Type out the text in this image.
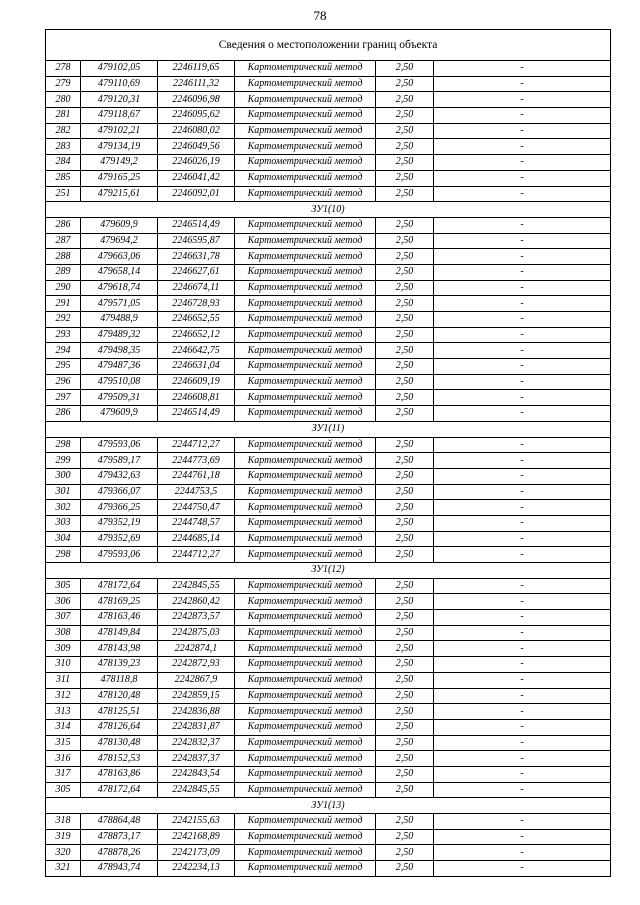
78
Сведения о местоположении границ объекта					
278	479102,05	2246119,65	Картометрический метод	2,50	-
279	479110,69	2246111,32	Картометрический метод	2,50	-
280	479120,31	2246096,98	Картометрический метод	2,50	-
281	479118,67	2246095,62	Картометрический метод	2,50	-
282	479102,21	2246080,02	Картометрический метод	2,50	-
283	479134,19	2246049,56	Картометрический метод	2,50	-
284	479149,2	2246026,19	Картометрический метод	2,50	-
285	479165,25	2246041,42	Картометрический метод	2,50	-
251	479215,61	2246092,01	Картометрический метод	2,50	-
ЗУ1(10)					
286	479609,9	2246514,49	Картометрический метод	2,50	-
287	479694,2	2246595,87	Картометрический метод	2,50	-
288	479663,06	2246631,78	Картометрический метод	2,50	-
289	479658,14	2246627,61	Картометрический метод	2,50	-
290	479618,74	2246674,11	Картометрический метод	2,50	-
291	479571,05	2246728,93	Картометрический метод	2,50	-
292	479488,9	2246652,55	Картометрический метод	2,50	-
293	479489,32	2246652,12	Картометрический метод	2,50	-
294	479498,35	2246642,75	Картометрический метод	2,50	-
295	479487,36	2246631,04	Картометрический метод	2,50	-
296	479510,08	2246609,19	Картометрический метод	2,50	-
297	479509,31	2246608,81	Картометрический метод	2,50	-
286	479609,9	2246514,49	Картометрический метод	2,50	-
ЗУ1(11)					
298	479593,06	2244712,27	Картометрический метод	2,50	-
299	479589,17	2244773,69	Картометрический метод	2,50	-
300	479432,63	2244761,18	Картометрический метод	2,50	-
301	479366,07	2244753,5	Картометрический метод	2,50	-
302	479366,25	2244750,47	Картометрический метод	2,50	-
303	479352,19	2244748,57	Картометрический метод	2,50	-
304	479352,69	2244685,14	Картометрический метод	2,50	-
298	479593,06	2244712,27	Картометрический метод	2,50	-
ЗУ1(12)					
305	478172,64	2242845,55	Картометрический метод	2,50	-
306	478169,25	2242860,42	Картометрический метод	2,50	-
307	478163,46	2242873,57	Картометрический метод	2,50	-
308	478149,84	2242875,03	Картометрический метод	2,50	-
309	478143,98	2242874,1	Картометрический метод	2,50	-
310	478139,23	2242872,93	Картометрический метод	2,50	-
311	478118,8	2242867,9	Картометрический метод	2,50	-
312	478120,48	2242859,15	Картометрический метод	2,50	-
313	478125,51	2242836,88	Картометрический метод	2,50	-
314	478126,64	2242831,87	Картометрический метод	2,50	-
315	478130,48	2242832,37	Картометрический метод	2,50	-
316	478152,53	2242837,37	Картометрический метод	2,50	-
317	478163,86	2242843,54	Картометрический метод	2,50	-
305	478172,64	2242845,55	Картометрический метод	2,50	-
ЗУ1(13)					
318	478864,48	2242155,63	Картометрический метод	2,50	-
319	478873,17	2242168,89	Картометрический метод	2,50	-
320	478878,26	2242173,09	Картометрический метод	2,50	-
321	478943,74	2242234,13	Картометрический метод	2,50	-
